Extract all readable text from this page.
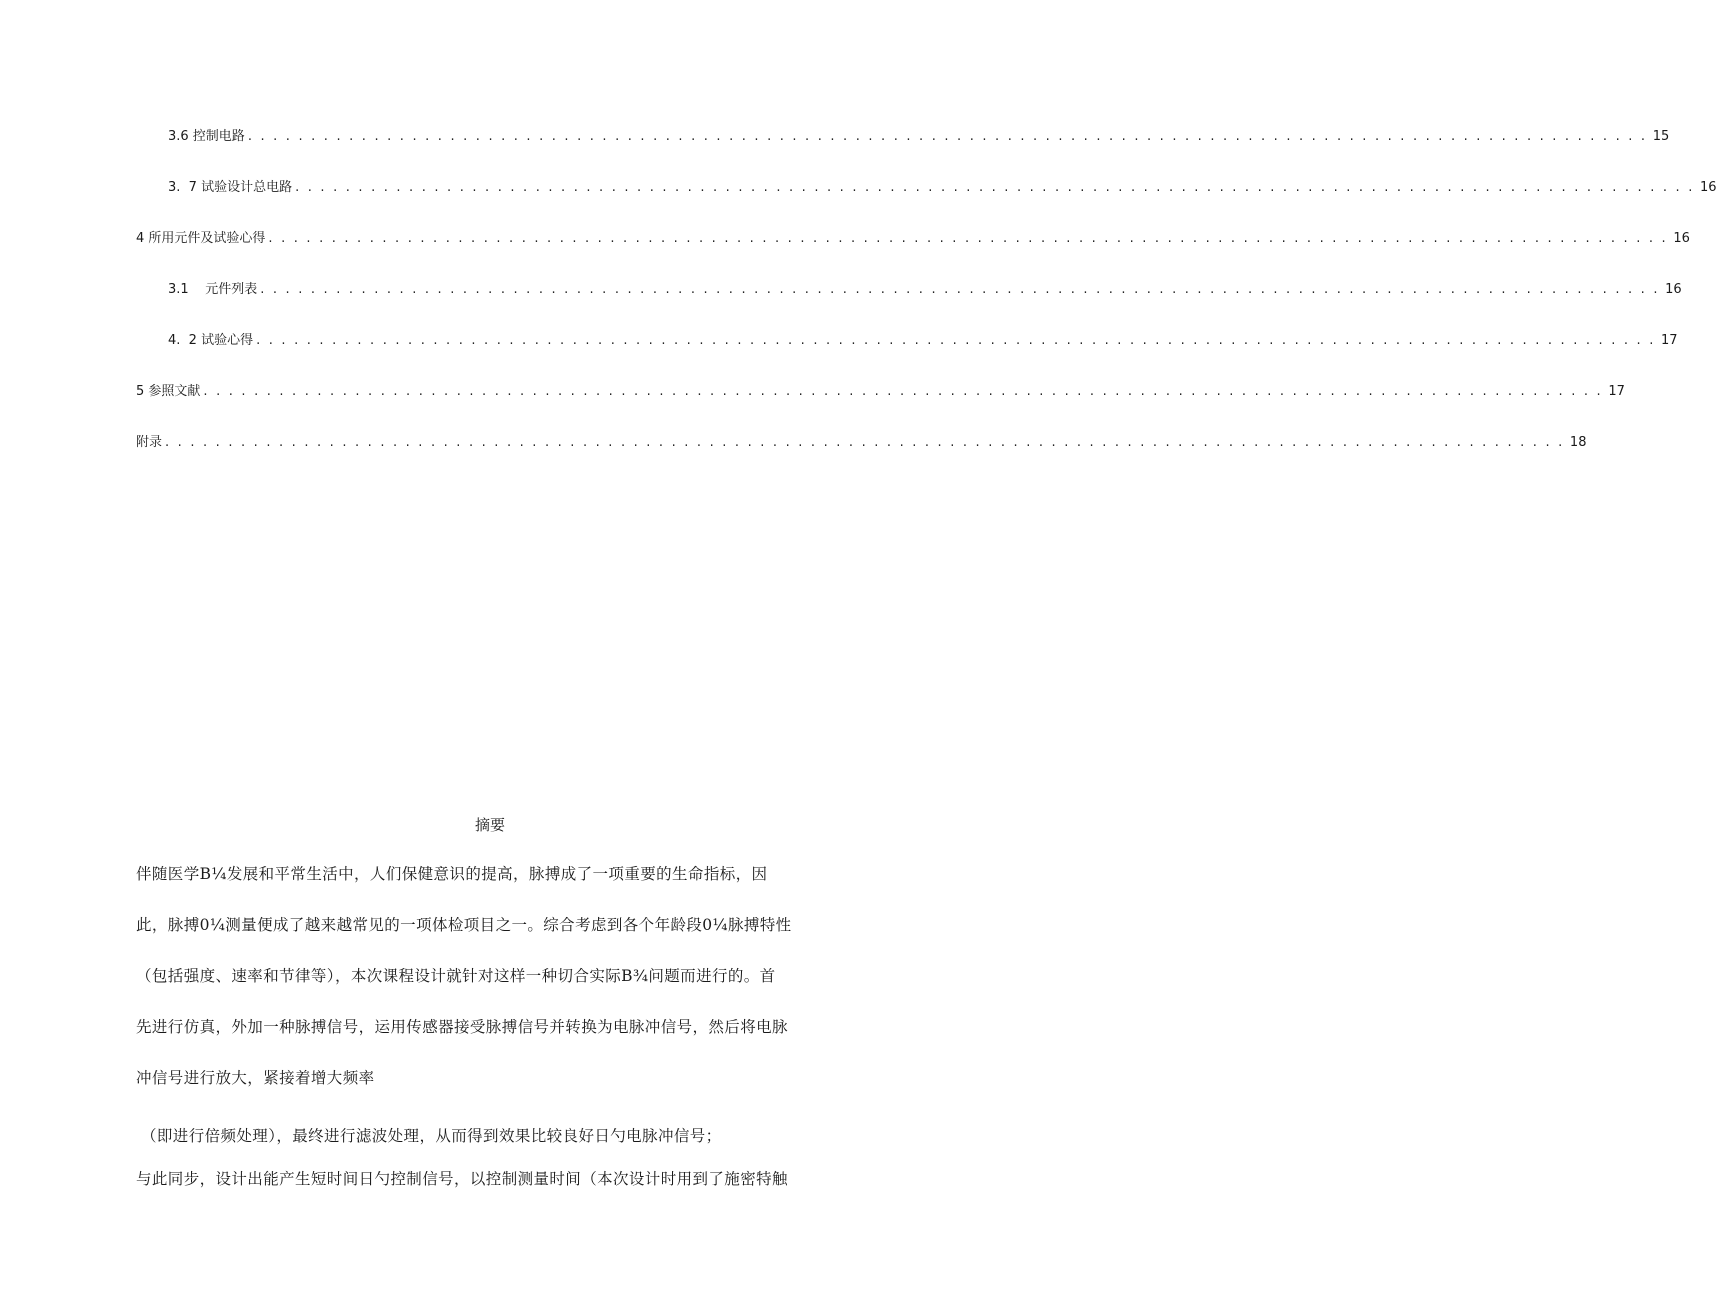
3.6 控制电路 . . . . . . . . . . . . . . . . . . . . . . . . . . . . . . . . . . . . . . . . . . . . . . . . . . . . . . . . . . . . . . . . . . . . . . . . . . . . . . . . . . . . . . . . . . . . . . . . . . . . . . . . . . . . . . . 15
3.  7 试验设计总电路 . . . . . . . . . . . . . . . . . . . . . . . . . . . . . . . . . . . . . . . . . . . . . . . . . . . . . . . . . . . . . . . . . . . . . . . . . . . . . . . . . . . . . . . . . . . . . . . . . . . . . . . . . . . . . . . 16
4 所用元件及试验心得 . . . . . . . . . . . . . . . . . . . . . . . . . . . . . . . . . . . . . . . . . . . . . . . . . . . . . . . . . . . . . . . . . . . . . . . . . . . . . . . . . . . . . . . . . . . . . . . . . . . . . . . . . . . . . . . 16
3.1    元件列表 . . . . . . . . . . . . . . . . . . . . . . . . . . . . . . . . . . . . . . . . . . . . . . . . . . . . . . . . . . . . . . . . . . . . . . . . . . . . . . . . . . . . . . . . . . . . . . . . . . . . . . . . . . . . . . . 16
4.  2 试验心得 . . . . . . . . . . . . . . . . . . . . . . . . . . . . . . . . . . . . . . . . . . . . . . . . . . . . . . . . . . . . . . . . . . . . . . . . . . . . . . . . . . . . . . . . . . . . . . . . . . . . . . . . . . . . . . . 17
5 参照文献 . . . . . . . . . . . . . . . . . . . . . . . . . . . . . . . . . . . . . . . . . . . . . . . . . . . . . . . . . . . . . . . . . . . . . . . . . . . . . . . . . . . . . . . . . . . . . . . . . . . . . . . . . . . . . . . 17
附录 . . . . . . . . . . . . . . . . . . . . . . . . . . . . . . . . . . . . . . . . . . . . . . . . . . . . . . . . . . . . . . . . . . . . . . . . . . . . . . . . . . . . . . . . . . . . . . . . . . . . . . . . . . . . . . . 18
摘要
伴随医学B¼发展和平常生活中，人们保健意识的提高，脉搏成了一项重要的生命指标，因
此，脉搏0¼测量便成了越来越常见的一项体检项目之一。综合考虑到各个年龄段0¼脉搏特性
（包括强度、速率和节律等），本次课程设计就针对这样一种切合实际B¾问题而进行的。首
先进行仿真，外加一种脉搏信号，运用传感器接受脉搏信号并转换为电脉冲信号，然后将电脉
冲信号进行放大，紧接着增大频率
（即进行倍频处理），最终进行滤波处理，从而得到效果比较良好日勺电脉冲信号；
与此同步，设计出能产生短时间日勺控制信号，以控制测量时间（本次设计时用到了施密特触
